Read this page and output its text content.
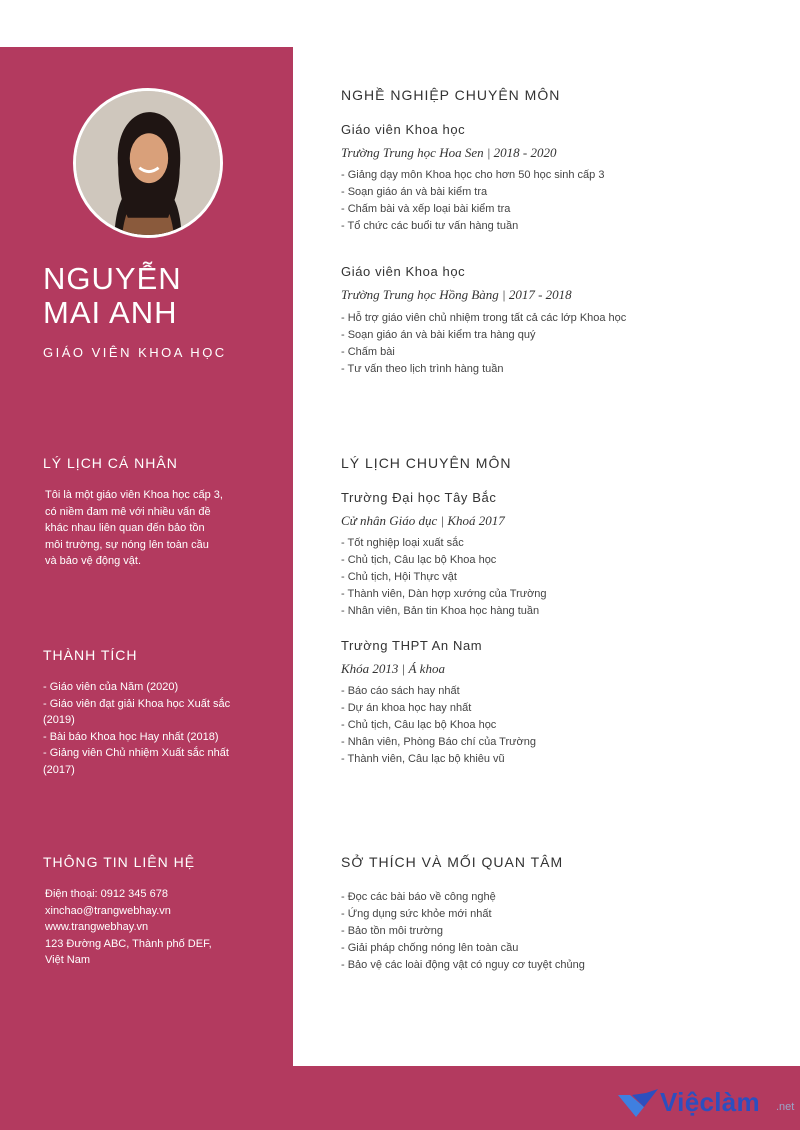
NGUYỄN
MAI ANH
GIÁO VIÊN KHOA HỌC
LÝ LỊCH CÁ NHÂN
Tôi là một giáo viên Khoa học cấp 3,
có niềm đam mê với nhiều vấn đề
khác nhau liên quan đến bảo tồn
môi trường, sự nóng lên toàn cầu
và bảo vệ động vật.
THÀNH TÍCH
- Giáo viên của Năm (2020)
- Giáo viên đạt giải Khoa học Xuất sắc
(2019)
- Bài báo Khoa học Hay nhất (2018)
- Giảng viên Chủ nhiệm Xuất sắc nhất
(2017)
THÔNG TIN LIÊN HỆ
Điện thoại: 0912 345 678
xinchao@trangwebhay.vn
www.trangwebhay.vn
123 Đường ABC, Thành phố DEF,
Việt Nam
NGHỀ NGHIỆP CHUYÊN MÔN
Giáo viên Khoa học
Trường Trung học Hoa Sen | 2018 - 2020
- Giảng dạy môn Khoa học cho hơn 50 học sinh cấp 3
- Soạn giáo án và bài kiểm tra
- Chấm bài và xếp loại bài kiểm tra
- Tổ chức các buổi tư vấn hàng tuần
Giáo viên Khoa học
Trường Trung học Hồng Bàng | 2017 - 2018
- Hỗ trợ giáo viên chủ nhiệm trong tất cả các lớp Khoa học
- Soạn giáo án và bài kiểm tra hàng quý
- Chấm bài
- Tư vấn theo lịch trình hàng tuần
LÝ LỊCH CHUYÊN MÔN
Trường Đại học Tây Bắc
Cử nhân Giáo dục | Khoá 2017
- Tốt nghiệp loại xuất sắc
- Chủ tịch, Câu lạc bộ Khoa học
- Chủ tịch, Hội Thực vật
- Thành viên, Dàn hợp xướng của Trường
- Nhân viên, Bản tin Khoa học hàng tuần
Trường THPT An Nam
Khóa 2013 | Á khoa
- Báo cáo sách hay nhất
- Dự án khoa học hay nhất
- Chủ tịch, Câu lạc bộ Khoa học
- Nhân viên, Phòng Báo chí của Trường
- Thành viên, Câu lạc bộ khiêu vũ
SỞ THÍCH VÀ MỐI QUAN TÂM
- Đọc các bài báo về công nghệ
- Ứng dụng sức khỏe mới nhất
- Bảo tồn môi trường
- Giải pháp chống nóng lên toàn cầu
- Bảo vệ các loài động vật có nguy cơ tuyệt chủng
Việclàm .net
